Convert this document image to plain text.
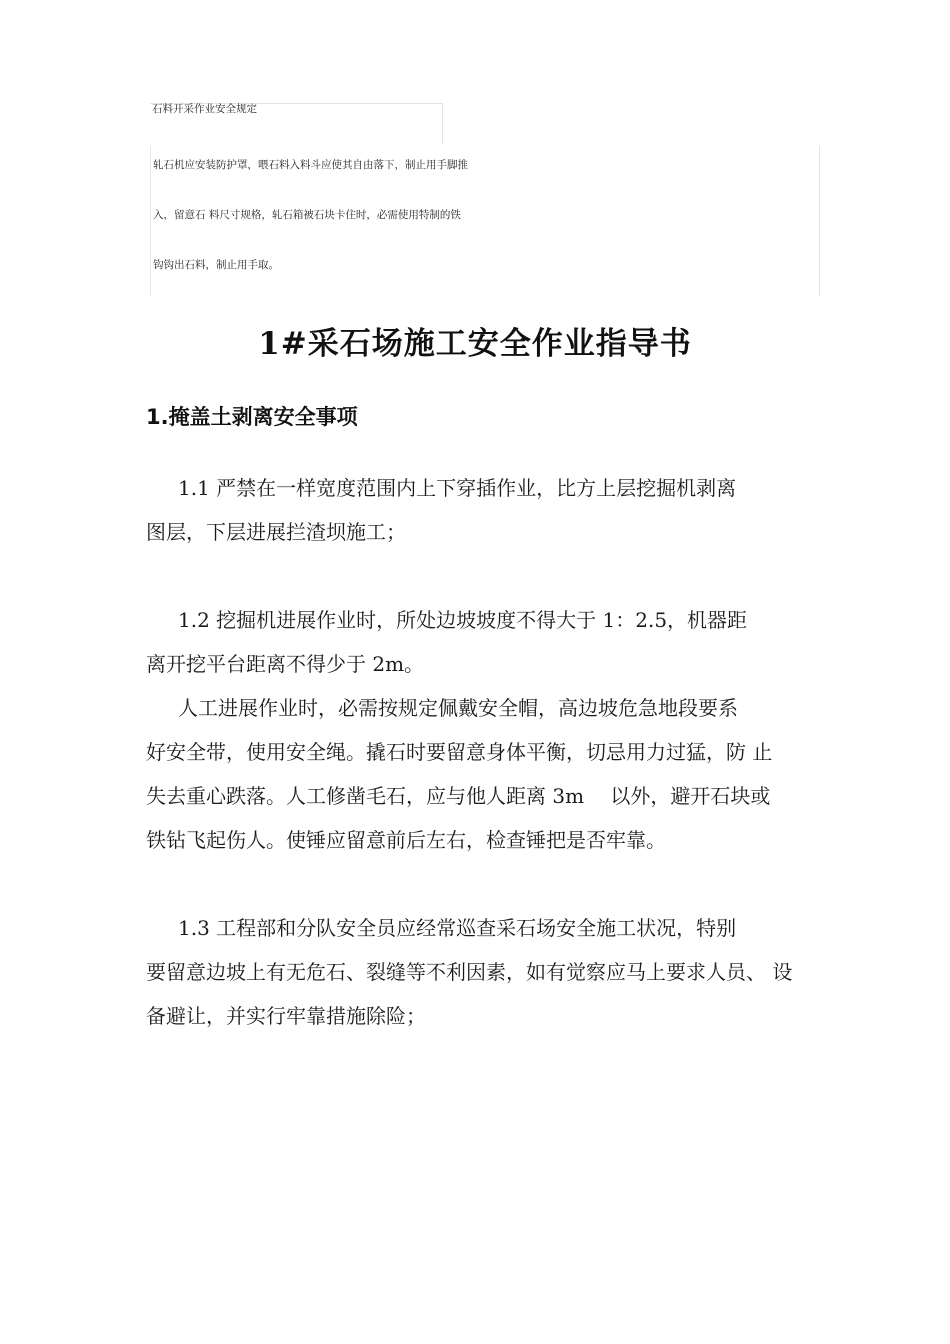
石料开采作业安全规定
轧石机应安装防护罩，喂石料入料斗应使其自由落下，制止用手脚推
入，留意石 料尺寸规格，轧石箱被石块卡住时，必需使用特制的铁
钩钩出石料，制止用手取。
1#采石场施工安全作业指导书
1.掩盖土剥离安全事项
1.1 严禁在一样宽度范围内上下穿插作业，比方上层挖掘机剥离
图层，下层进展拦渣坝施工；
1.2 挖掘机进展作业时，所处边坡坡度不得大于 1：2.5，机器距
离开挖平台距离不得少于 2m。
人工进展作业时，必需按规定佩戴安全帽，高边坡危急地段要系
好安全带，使用安全绳。撬石时要留意身体平衡，切忌用力过猛，防 止
失去重心跌落。人工修凿毛石，应与他人距离 3m　 以外，避开石块或
铁钻飞起伤人。使锤应留意前后左右，检查锤把是否牢靠。
1.3 工程部和分队安全员应经常巡查采石场安全施工状况，特别
要留意边坡上有无危石、裂缝等不利因素，如有觉察应马上要求人员、 设
备避让，并实行牢靠措施除险；
